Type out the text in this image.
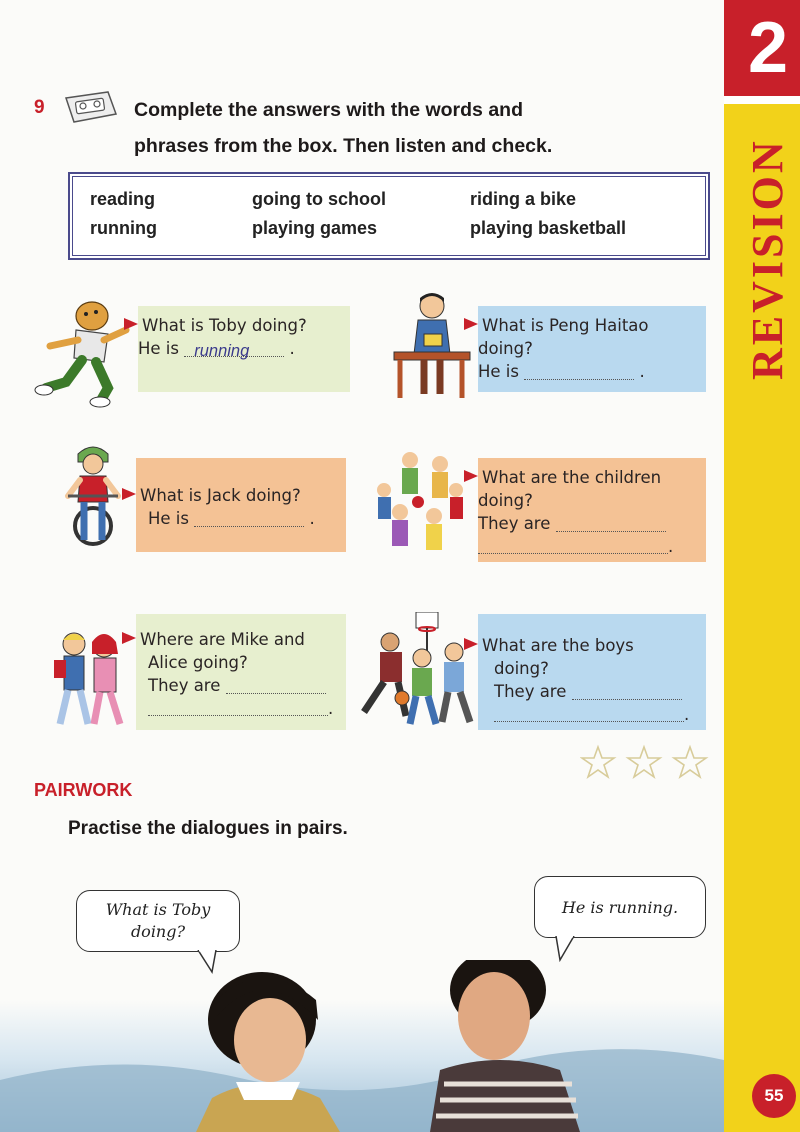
2
REVISION
55
9	Complete the answers with the words and
phrases from the box. Then listen and check.
reading	going to school	riding a bike
running	playing games	playing basketball
What is Toby doing?
He is running .
What is Peng Haitao
doing?
He is	.
What is Jack doing?
He is	.
What are the children
doing?
They are
.
Where are Mike and
Alice going?
They are
.
What are the boys
doing?
They are
.
PAIRWORK
Practise the dialogues in pairs.
What is Toby
doing?
He is running.
